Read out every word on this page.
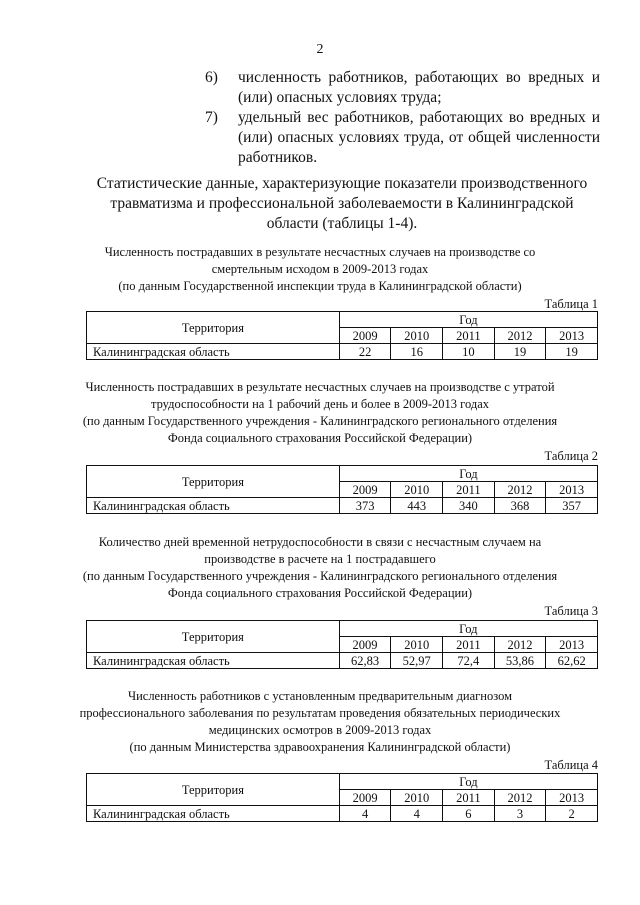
2
6) численность работников, работающих во вредных и (или) опасных условиях труда;
7) удельный вес работников, работающих во вредных и (или) опасных условиях труда, от общей численности работников.
Статистические данные, характеризующие показатели производственного травматизма и профессиональной заболеваемости в Калининградской области (таблицы 1-4).
Численность пострадавших в результате несчастных случаев на производстве со
смертельным исходом в 2009-2013 годах
(по данным Государственной инспекции труда в Калининградской области)
Таблица 1
Территория	Год				
	2009	2010	2011	2012	2013
Калининградская область	22	16	10	19	19
Численность пострадавших в результате несчастных случаев на производстве с утратой
трудоспособности на 1 рабочий день и более в 2009-2013 годах
(по данным Государственного учреждения - Калининградского регионального отделения
Фонда социального страхования Российской Федерации)
Таблица 2
Территория	Год				
	2009	2010	2011	2012	2013
Калининградская область	373	443	340	368	357
Количество дней временной нетрудоспособности в связи с несчастным случаем на
производстве в расчете на 1 пострадавшего
(по данным Государственного учреждения - Калининградского регионального отделения
Фонда социального страхования Российской Федерации)
Таблица 3
Территория	Год				
	2009	2010	2011	2012	2013
Калининградская область	62,83	52,97	72,4	53,86	62,62
Численность работников с установленным предварительным диагнозом
профессионального заболевания по результатам проведения обязательных периодических
медицинских осмотров в 2009-2013 годах
(по данным Министерства здравоохранения Калининградской области)
Таблица 4
Территория	Год				
	2009	2010	2011	2012	2013
Калининградская область	4	4	6	3	2
